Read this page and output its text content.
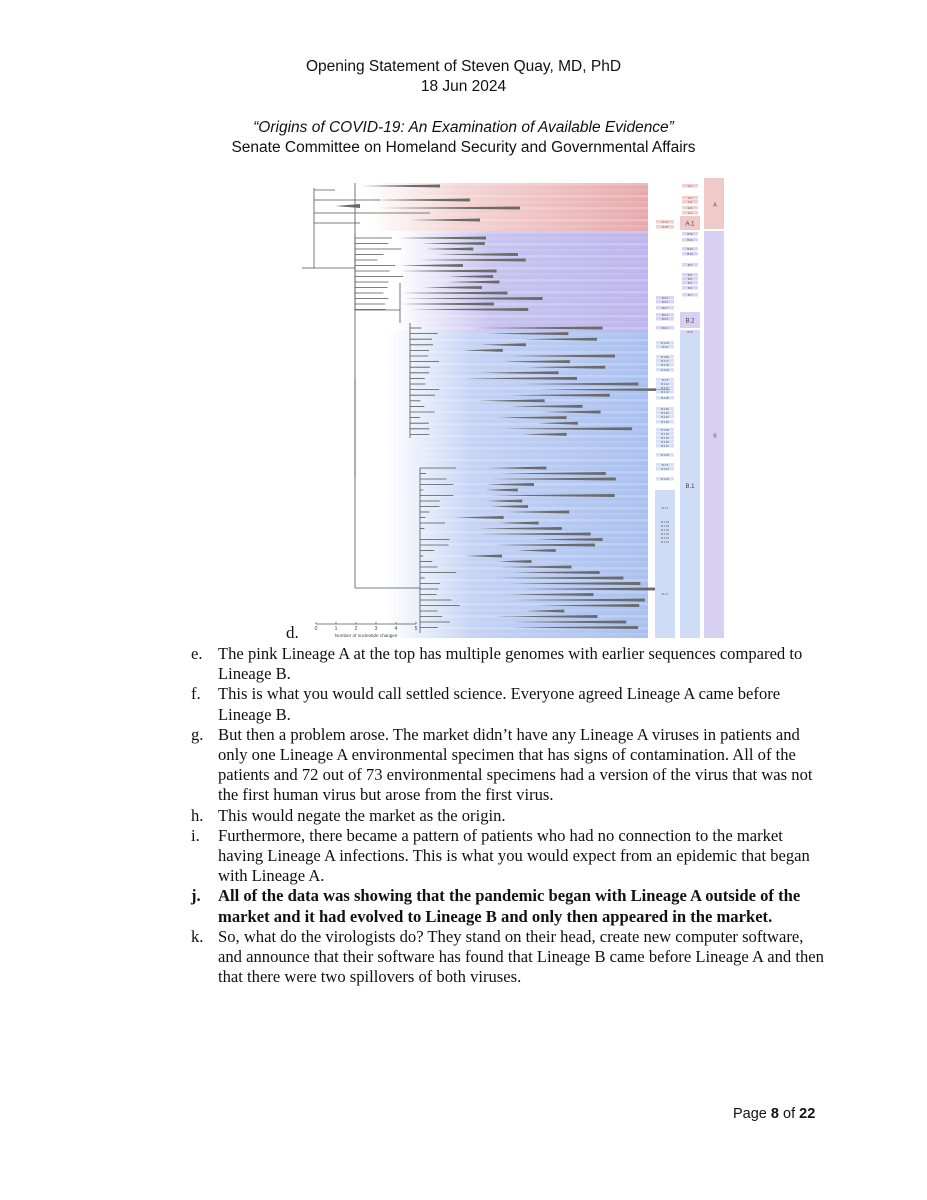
Opening Statement of Steven Quay, MD, PhD
18 Jun 2024
“Origins of COVID-19: An Examination of Available Evidence”
Senate Committee on Homeland Security and Governmental Affairs
A
B
A.1
B.2
B.1
A.4
A.3
A.2
A.5
A.1
B.10
B.14
B.13
B.16
B.3
B.6
B.5
B.9
B.4
B.7
B.15
A.1.1
A.1.5
B.2.6
B.2.2
B.2.7
B.2.4
B.2.5
B.2.1
B.1.34
B.1.6
B.1.80
B.1.71
B.1.18
B.1.23
B.1.8
B.1.22
B.1.37
B.1.13
B.1.36
B.1.66
B.1.40
B.1.42
B.1.26
B.1.59
B.1.39
B.1.34
B.1.28
B.1.41
B.1.36
B.1.5
B.1.43
B.1.26
B.1.2
B.1.33
B.1.35
B.1.32
B.1.30
B.1.67
B.1.70
B.1.1
0	1	2	3	4	5
Number of nucleotide changes
d.
e. The pink Lineage A at the top has multiple genomes with earlier sequences compared to Lineage B.
f. This is what you would call settled science. Everyone agreed Lineage A came before Lineage B.
g. But then a problem arose. The market didn’t have any Lineage A viruses in patients and only one Lineage A environmental specimen that has signs of contamination. All of the patients and 72 out of 73 environmental specimens had a version of the virus that was not the first human virus but arose from the first virus.
h. This would negate the market as the origin.
i. Furthermore, there became a pattern of patients who had no connection to the market having Lineage A infections. This is what you would expect from an epidemic that began with Lineage A.
j. All of the data was showing that the pandemic began with Lineage A outside of the market and it had evolved to Lineage B and only then appeared in the market.
k. So, what do the virologists do? They stand on their head, create new computer software, and announce that their software has found that Lineage B came before Lineage A and then that there were two spillovers of both viruses.
Page 8 of 22
